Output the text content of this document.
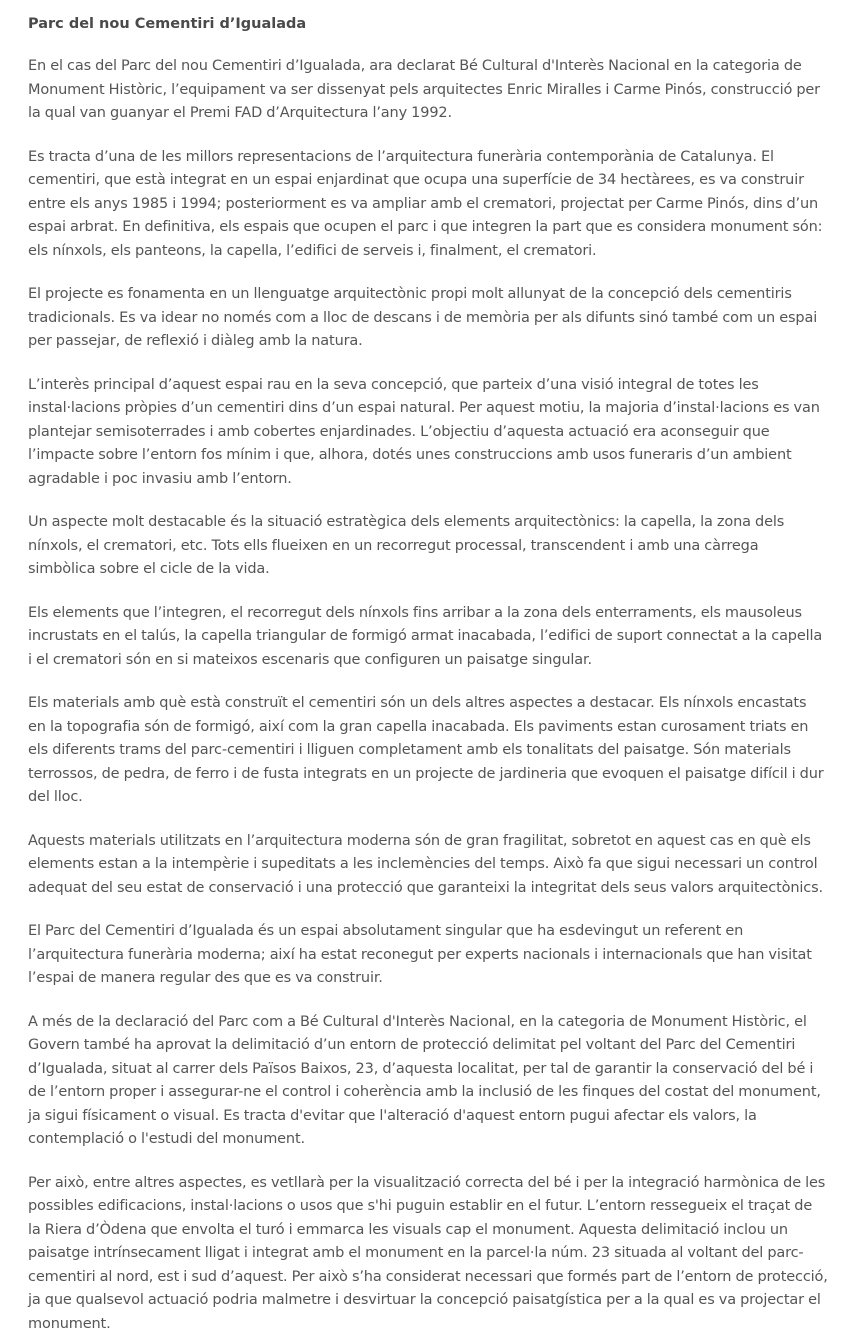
Parc del nou Cementiri d’Igualada

En el cas del Parc del nou Cementiri d’Igualada, ara declarat Bé Cultural d'Interès Nacional en la categoria de Monument Històric, l’equipament va ser dissenyat pels arquitectes Enric Miralles i Carme Pinós, construcció per la qual van guanyar el Premi FAD d’Arquitectura l’any 1992.

Es tracta d’una de les millors representacions de l’arquitectura funerària contemporània de Catalunya. El cementiri, que està integrat en un espai enjardinat que ocupa una superfície de 34 hectàrees, es va construir entre els anys 1985 i 1994; posteriorment es va ampliar amb el crematori, projectat per Carme Pinós, dins d’un espai arbrat. En definitiva, els espais que ocupen el parc i que integren la part que es considera monument són: els nínxols, els panteons, la capella, l’edifici de serveis i, finalment, el crematori.

El projecte es fonamenta en un llenguatge arquitectònic propi molt allunyat de la concepció dels cementiris tradicionals. Es va idear no només com a lloc de descans i de memòria per als difunts sinó també com un espai per passejar, de reflexió i diàleg amb la natura.

L’interès principal d’aquest espai rau en la seva concepció, que parteix d’una visió integral de totes les instal·lacions pròpies d’un cementiri dins d’un espai natural. Per aquest motiu, la majoria d’instal·lacions es van plantejar semisoterrades i amb cobertes enjardinades. L’objectiu d’aquesta actuació era aconseguir que l’impacte sobre l’entorn fos mínim i que, alhora, dotés unes construccions amb usos funeraris d’un ambient agradable i poc invasiu amb l’entorn.

Un aspecte molt destacable és la situació estratègica dels elements arquitectònics: la capella, la zona dels nínxols, el crematori, etc. Tots ells flueixen en un recorregut processal, transcendent i amb una càrrega simbòlica sobre el cicle de la vida.

Els elements que l’integren, el recorregut dels nínxols fins arribar a la zona dels enterraments, els mausoleus incrustats en el talús, la capella triangular de formigó armat inacabada, l’edifici de suport connectat a la capella i el crematori són en si mateixos escenaris que configuren un paisatge singular.

Els materials amb què està construït el cementiri són un dels altres aspectes a destacar. Els nínxols encastats en la topografia són de formigó, així com la gran capella inacabada. Els paviments estan curosament triats en els diferents trams del parc-cementiri i lliguen completament amb els tonalitats del paisatge. Són materials terrossos, de pedra, de ferro i de fusta integrats en un projecte de jardineria que evoquen el paisatge difícil i dur del lloc.

Aquests materials utilitzats en l’arquitectura moderna són de gran fragilitat, sobretot en aquest cas en què els elements estan a la intempèrie i supeditats a les inclemències del temps. Això fa que sigui necessari un control adequat del seu estat de conservació i una protecció que garanteixi la integritat dels seus valors arquitectònics.

El Parc del Cementiri d’Igualada és un espai absolutament singular que ha esdevingut un referent en l’arquitectura funerària moderna; així ha estat reconegut per experts nacionals i internacionals que han visitat l’espai de manera regular des que es va construir.

A més de la declaració del Parc com a Bé Cultural d'Interès Nacional, en la categoria de Monument Històric, el Govern també ha aprovat la delimitació d’un entorn de protecció delimitat pel voltant del Parc del Cementiri d’Igualada, situat al carrer dels Països Baixos, 23, d’aquesta localitat, per tal de garantir la conservació del bé i de l’entorn proper i assegurar-ne el control i coherència amb la inclusió de les finques del costat del monument, ja sigui físicament o visual. Es tracta d'evitar que l'alteració d'aquest entorn pugui afectar els valors, la contemplació o l'estudi del monument.

Per això, entre altres aspectes, es vetllarà per la visualització correcta del bé i per la integració harmònica de les possibles edificacions, instal·lacions o usos que s'hi puguin establir en el futur. L’entorn ressegueix el traçat de la Riera d’Òdena que envolta el turó i emmarca les visuals cap el monument. Aquesta delimitació inclou un paisatge intrínsecament lligat i integrat amb el monument en la parcel·la núm. 23 situada al voltant del parc-cementiri al nord, est i sud d’aquest. Per això s’ha considerat necessari que formés part de l’entorn de protecció, ja que qualsevol actuació podria malmetre i desvirtuar la concepció paisatgística per a la qual es va projectar el monument.
